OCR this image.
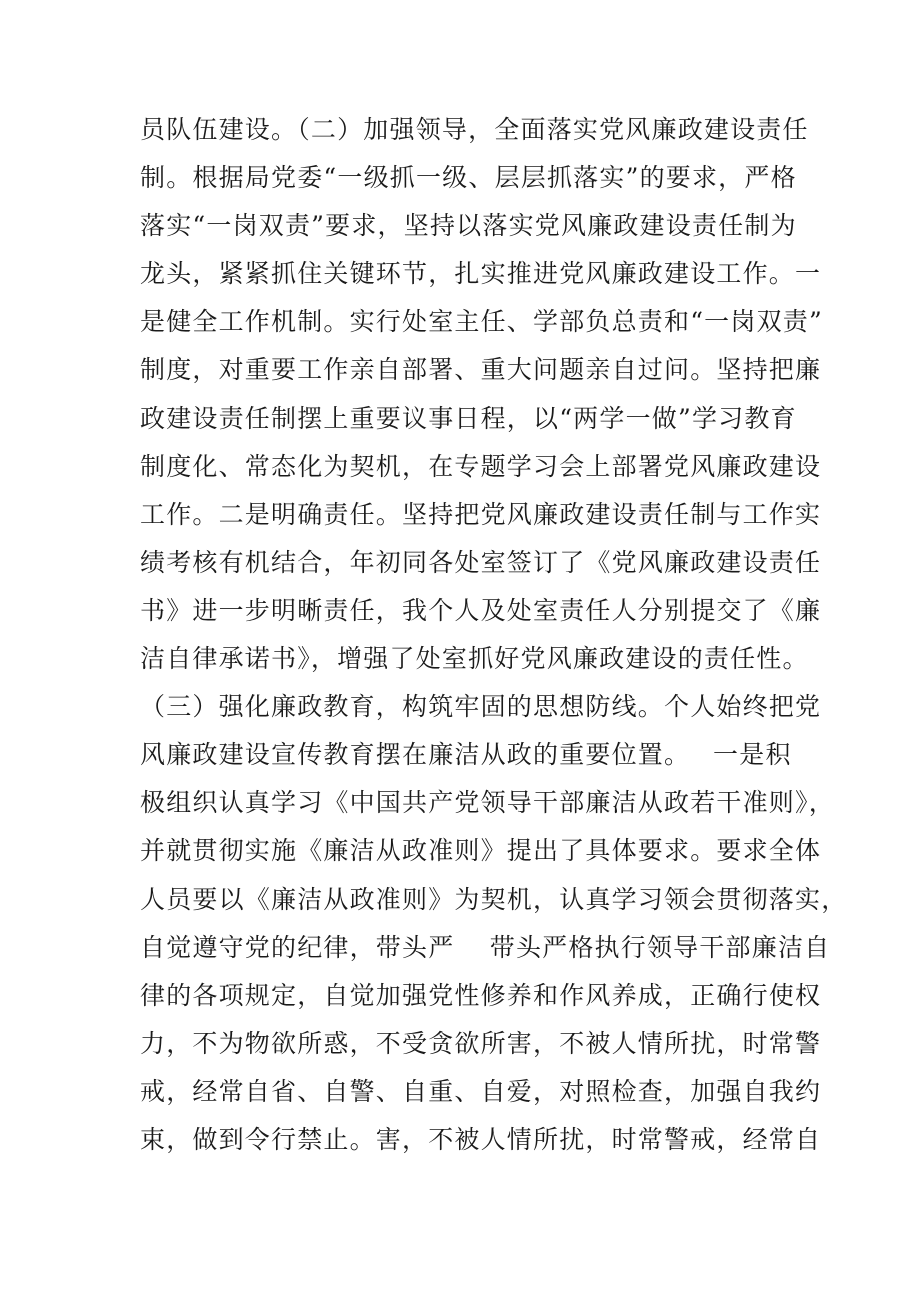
员队伍建设。（二）加强领导，全面落实党风廉政建设责任
制。根据局党委“一级抓一级、层层抓落实”的要求，严格
落实“一岗双责”要求，坚持以落实党风廉政建设责任制为
龙头，紧紧抓住关键环节，扎实推进党风廉政建设工作。一
是健全工作机制。实行处室主任、学部负总责和“一岗双责”
制度，对重要工作亲自部署、重大问题亲自过问。坚持把廉
政建设责任制摆上重要议事日程，以“两学一做”学习教育
制度化、常态化为契机，在专题学习会上部署党风廉政建设
工作。二是明确责任。坚持把党风廉政建设责任制与工作实
绩考核有机结合，年初同各处室签订了《党风廉政建设责任
书》进一步明晰责任，我个人及处室责任人分别提交了《廉
洁自律承诺书》，增强了处室抓好党风廉政建设的责任性。
（三）强化廉政教育，构筑牢固的思想防线。个人始终把党
风廉政建设宣传教育摆在廉洁从政的重要位置。　 一是积
极组织认真学习《中国共产党领导干部廉洁从政若干准则》，
并就贯彻实施《廉洁从政准则》提出了具体要求。要求全体
人员要以《廉洁从政准则》为契机，认真学习领会贯彻落实，
自觉遵守党的纪律，带头严　 带头严格执行领导干部廉洁自
律的各项规定，自觉加强党性修养和作风养成，正确行使权
力，不为物欲所惑，不受贪欲所害，不被人情所扰，时常警
戒，经常自省、自警、自重、自爱，对照检查，加强自我约
束，做到令行禁止。害，不被人情所扰，时常警戒，经常自
